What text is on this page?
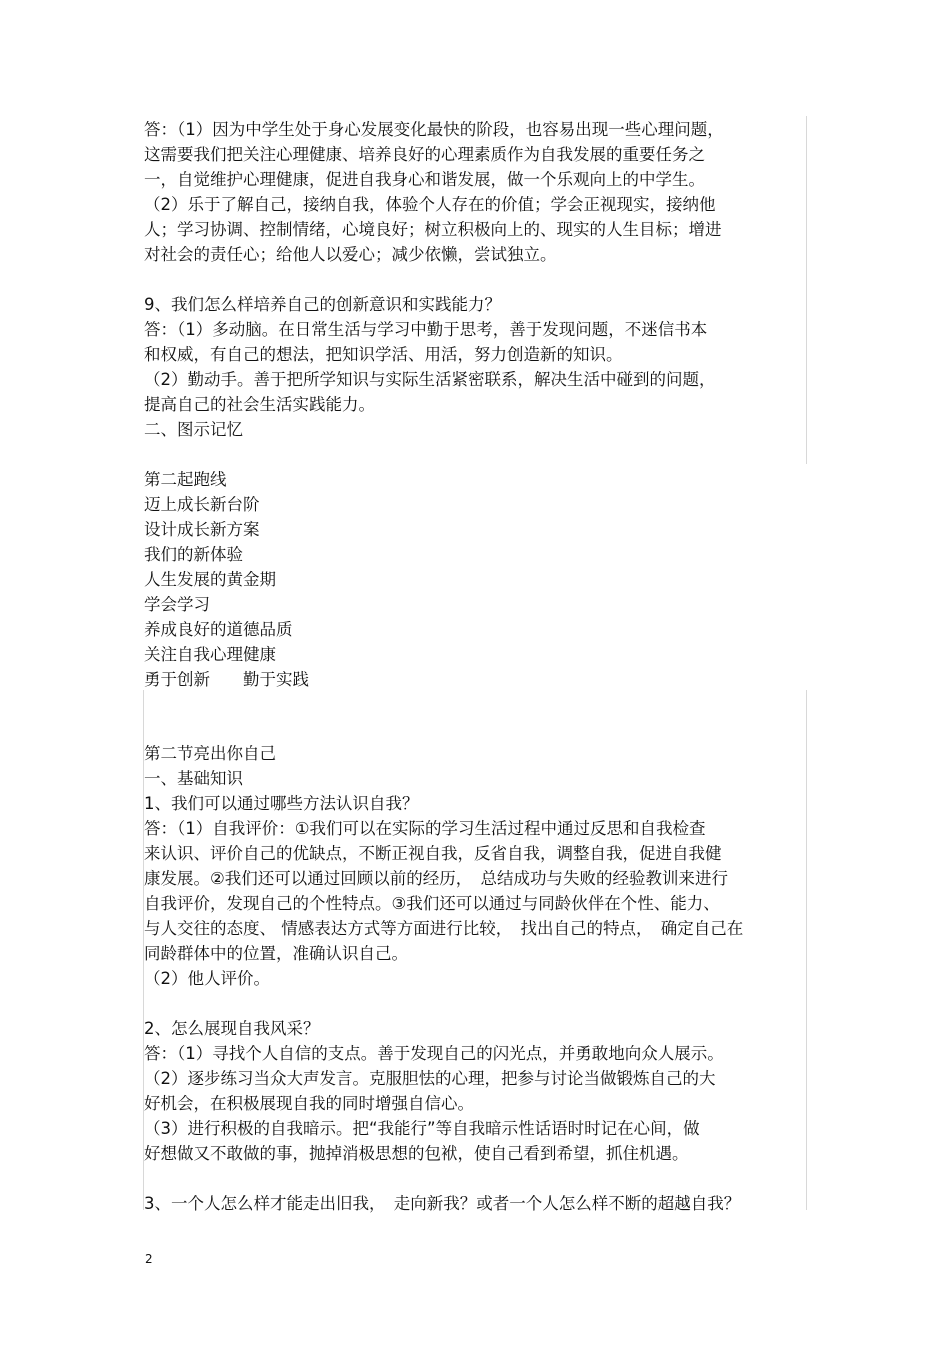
答：（1）因为中学生处于身心发展变化最快的阶段，也容易出现一些心理问题，
这需要我们把关注心理健康、培养良好的心理素质作为自我发展的重要任务之
一，自觉维护心理健康，促进自我身心和谐发展，做一个乐观向上的中学生。
（2）乐于了解自己，接纳自我，体验个人存在的价值；学会正视现实，接纳他
人；学习协调、控制情绪，心境良好；树立积极向上的、现实的人生目标；增进
对社会的责任心；给他人以爱心；减少依懒，尝试独立。
9、我们怎么样培养自己的创新意识和实践能力？
答：（1）多动脑。在日常生活与学习中勤于思考，善于发现问题，不迷信书本
和权威，有自己的想法，把知识学活、用活，努力创造新的知识。
（2）勤动手。善于把所学知识与实际生活紧密联系，解决生活中碰到的问题，
提高自己的社会生活实践能力。
二、图示记忆
第二起跑线
迈上成长新台阶
设计成长新方案
我们的新体验
人生发展的黄金期
学会学习
养成良好的道德品质
关注自我心理健康
勇于创新　　勤于实践
第二节亮出你自己
一、基础知识
1、我们可以通过哪些方法认识自我？
答：（1）自我评价：①我们可以在实际的学习生活过程中通过反思和自我检查
来认识、评价自己的优缺点，不断正视自我，反省自我，调整自我，促进自我健
康发展。②我们还可以通过回顾以前的经历，　总结成功与失败的经验教训来进行
自我评价，发现自己的个性特点。③我们还可以通过与同龄伙伴在个性、能力、
与人交往的态度、 情感表达方式等方面进行比较，　找出自己的特点，　确定自己在
同龄群体中的位置，准确认识自己。
（2）他人评价。
2、怎么展现自我风采？
答：（1）寻找个人自信的支点。善于发现自己的闪光点，并勇敢地向众人展示。
（2）逐步练习当众大声发言。克服胆怯的心理，把参与讨论当做锻炼自己的大
好机会，在积极展现自我的同时增强自信心。
（3）进行积极的自我暗示。把“我能行”等自我暗示性话语时时记在心间，做
好想做又不敢做的事，抛掉消极思想的包袱，使自己看到希望，抓住机遇。
3、一个人怎么样才能走出旧我，　走向新我？或者一个人怎么样不断的超越自我？
2
